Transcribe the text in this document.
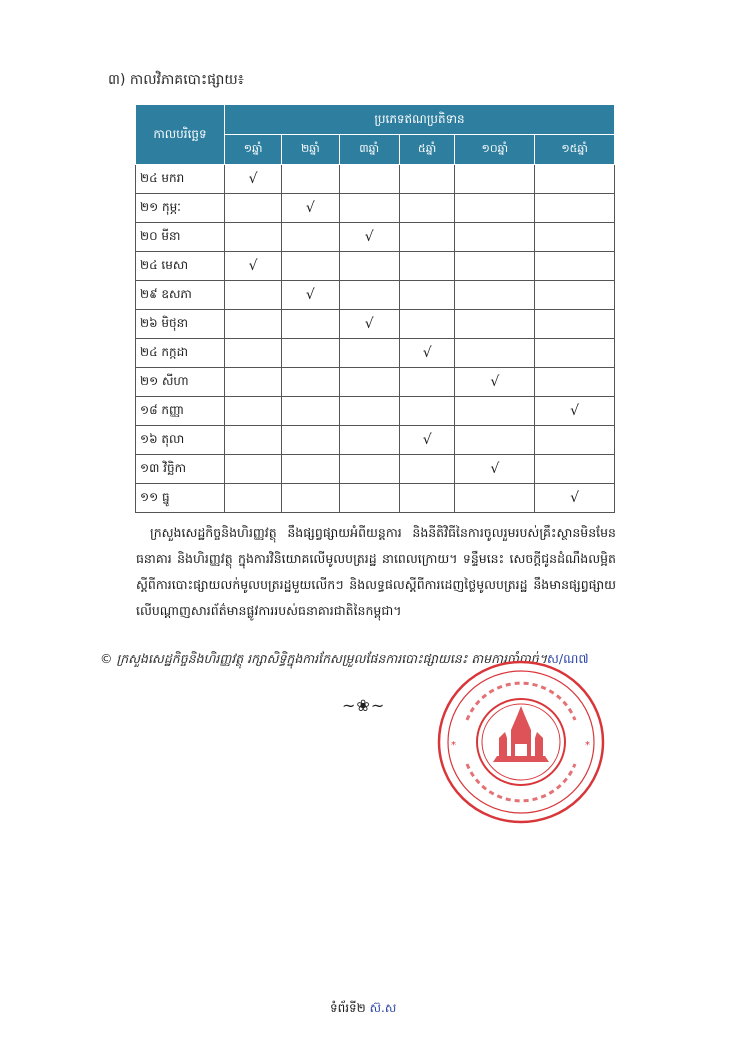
៣) កាលវិភាគបោះផ្សាយ៖
កាលបរិច្ឆេទ	ប្រភេទឥណប្រតិទាន					
	១ឆ្នាំ	២ឆ្នាំ	៣ឆ្នាំ	៥ឆ្នាំ	១០ឆ្នាំ	១៥ឆ្នាំ
២៤ មករា	√					
២១ កុម្ភៈ		√				
២០ មីនា			√			
២៤ មេសា	√					
២៩ ឧសភា		√				
២៦ មិថុនា			√			
២៤ កក្កដា				√		
២១ សីហា					√	
១៨ កញ្ញា						√
១៦ តុលា				√		
១៣ វិច្ឆិកា					√	
១១ ធ្នូ						√
ក្រសួងសេដ្ឋកិច្ចនិងហិរញ្ញវត្ថុ នឹងផ្សព្វផ្សាយអំពីយន្តការ និងនីតិវិធីនៃការចូលរួមរបស់គ្រឹះស្ថានមិនមែនធនាគារ និងហិរញ្ញវត្ថុ ក្នុងការវិនិយោគលើមូលបត្ររដ្ឋ នាពេលក្រោយ។ ទន្ទឹមនេះ សេចក្តីជូនដំណឹងលម្អិតស្តីពីការបោះផ្សាយលក់មូលបត្ររដ្ឋមួយលើកៗ និងលទ្ធផលស្តីពីការដេញថ្លៃមូលបត្ររដ្ឋ នឹងមានផ្សព្វផ្សាយលើបណ្តាញសារព័ត៌មានផ្លូវការរបស់ធនាគារជាតិនៃកម្ពុជា។
© ក្រសួងសេដ្ឋកិច្ចនិងហិរញ្ញវត្ថុ រក្សាសិទ្ធិក្នុងការកែសម្រួលផែនការបោះផ្សាយនេះ តាមការចាំបាច់។ស/ណ៧
~❀~
*	*
ទំព័រទី២ ស៊.ស
